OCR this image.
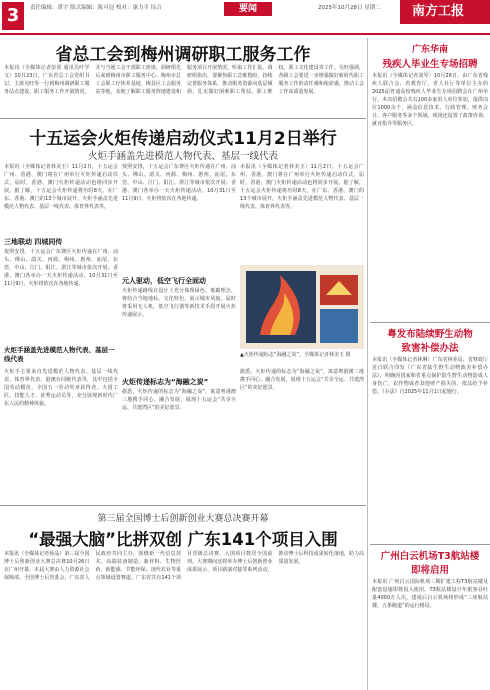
3	责任编辑：黄宇 版式编辑：陈可冠 校对：康力平 综合	2025年10月28日 星期二
要闻	南方工报
省总工会到梅州调研职工服务工作
本报讯（全媒体记者彭霄 通讯员叶学文）10月23日，广东省总工会党组书记、主席吴旺等一行到梅州调研职工服务站点建设、职工服务工作开展情况，并与当地工会干部职工座谈。调研组先后来到梅州市职工服务中心、梅州市总工会职工疗休养基地、梅县区工会服务站等地，实地了解职工服务阵地建设和服务项目开展情况，听取工作汇报。调研组指出，要聚焦职工急难愁盼，持续完善服务体系，推动服务资源向基层倾斜，扎实做好困难职工帮扶、职工维权、职工文化建设等工作。吴旺强调，各级工会要进一步增强做好新时代职工服务工作的责任感和使命感，推动工会工作高质量发展。
十五运会火炬传递启动仪式11月2日举行
火炬手涵盖先进模范人物代表、基层一线代表
本报讯（全媒体记者林美玉）11月2日，十五运会广州、香港、澳门将在广州举行火炬传递启动仪式，届时，香港、澳门火炬传递活动也将同步开展。据了解，十五运会火炬传递将历时8天，在广东、香港、澳门的13个城市展开，火炬手涵盖先进模范人物代表、基层一线代表、体育界代表等。
三地联动 四城同传
按照安排，十五运会广东赛区火炬传递在广州、汕头、佛山、韶关、河源、梅州、惠州、汕尾、东莞、中山、江门、阳江、湛江等城市依次开展；香港、澳门各举办一天火炬传递活动。10月31日至11月9日，火炬将依次在各地传递。
火炬手涵盖先进模范人物代表、基层一线代表
火炬手主要来自先进模范人物代表、基层一线代表、体育界代表、港澳台同胞代表等，其中包括全国劳动模范、全国五一劳动奖章获得者、大国工匠、技能人才、优秀运动员等，充分展现新时代广东人民的精神风貌。
按照安排，十五运会广东赛区火炬传递在广州、汕头、佛山、韶关、河源、梅州、惠州、汕尾、东莞、中山、江门、阳江、湛江等城市依次开展；香港、澳门各举办一天火炬传递活动。10月31日至11月9日，火炬将依次在各地传递。
元人驱动，低空飞行全面动
火炬传递路线在设计上充分体现绿色、低碳理念，将结合当地地标、文化特色，展示城市风貌。届时将采用无人机、低空飞行器等新技术手段开展火炬传递展示。
火炬传递标志为“海融之炭”
据悉，火炬传递的标志为“海融之炭”，寓意粤港澳三地携手同心、融合发展，展现十五运会“共享全运、共建湾区”的美好愿景。
本报讯（全媒体记者林美玉）11月2日，十五运会广州、香港、澳门将在广州举行火炬传递启动仪式，届时，香港、澳门火炬传递活动也将同步开展。据了解，十五运会火炬传递将历时8天，在广东、香港、澳门的13个城市展开，火炬手涵盖先进模范人物代表、基层一线代表、体育界代表等。
▲火炬传递标志“海融之炭”。全媒体记者林美玉 摄
据悉，火炬传递的标志为“海融之炭”，寓意粤港澳三地携手同心、融合发展，展现十五运会“共享全运、共建湾区”的美好愿景。
第三届全国博士后创新创业大赛总决赛开幕
“最强大脑”比拼双创 广东141个项目入围
本报讯（全媒体记者孙晶）第三届全国博士后创新创业大赛总决赛10月26日在广州开幕。本届大赛由人力资源社会保障部、全国博士后管委会、广东省人民政府共同主办，围绕新一代信息技术、高端装备制造、新材料、生物医药、新能源、节能环保、现代农业等重点领域设置赛道。广东省共有141个项目晋级总决赛，入围项目数居全国前列。大赛期间还将举办博士后创新创业成果展示、项目路演对接等系列活动，推动博士后科技成果转化落地，助力高质量发展。
广东华南
残疾人毕业生专场招聘
本报讯（全媒体记者刘琴）10月26日，由广东省残疾人联合会、省教育厅、省人社厅等单位主办的2025届普通高校残疾人毕业生专场招聘会在广州举行。本次招聘会共有100多家用人单位参加，提供岗位1000余个，涵盖信息技术、行政管理、财务会计、客户服务等多个领域。现场还设置了政策咨询、就业指导等服务区。
粤发布陆续野生动物
致害补偿办法
本报讯（全媒体记者林琳）广东省林业局、省财政厅近日联合印发《广东省陆生野生动物致害补偿办法》，明确因国家和省重点保护陆生野生动物造成人身伤亡、农作物或者其他财产损失的，依法给予补偿。《办法》自2025年11月1日起施行。
广州白云机场T3航站楼
即将启用
本报讯 广州白云国际机场三期扩建工程T3航站楼及配套设施即将投入使用。T3航站楼设计年旅客吞吐量4000万人次，建成后白云机场将形成“三座航站楼、五条跑道”的运行格局。
